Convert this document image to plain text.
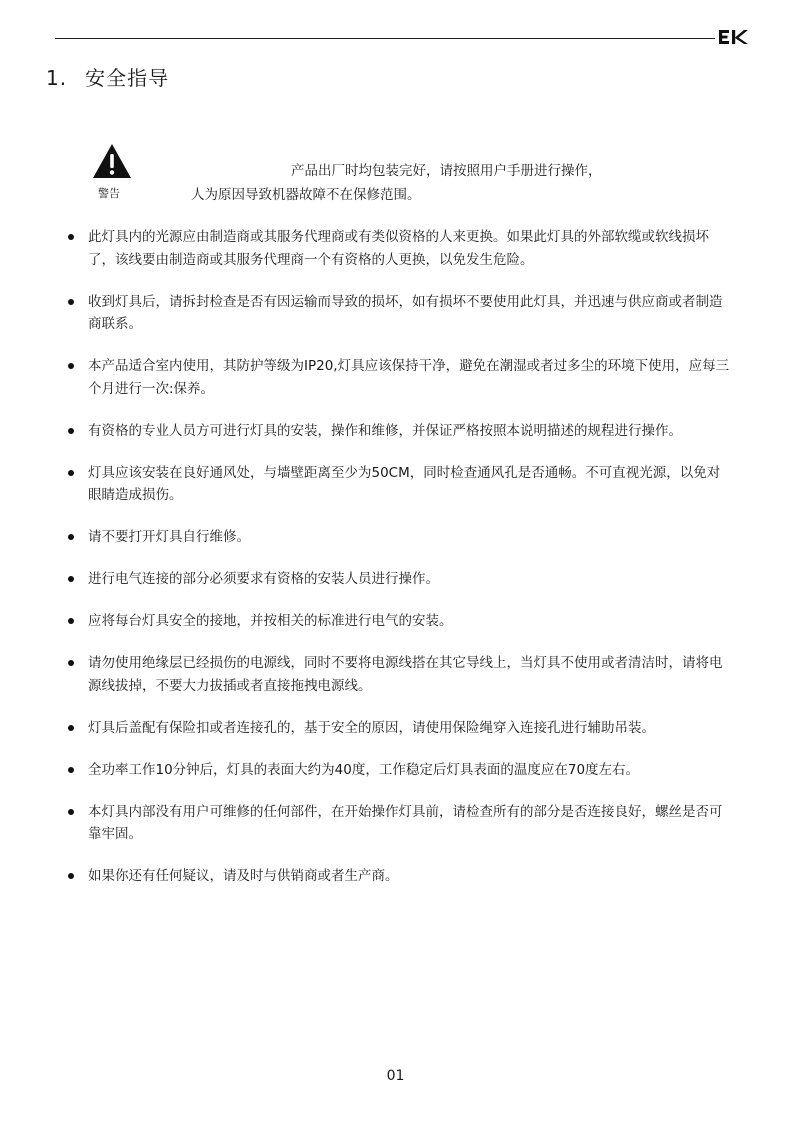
1. 安全指导
警告
产品出厂时均包装完好，请按照用户手册进行操作，
人为原因导致机器故障不在保修范围。
此灯具内的光源应由制造商或其服务代理商或有类似资格的人来更换。如果此灯具的外部软缆或软线损坏了，该线要由制造商或其服务代理商一个有资格的人更换，以免发生危险。
收到灯具后，请拆封检查是否有因运输而导致的损坏，如有损坏不要使用此灯具，并迅速与供应商或者制造商联系。
本产品适合室内使用，其防护等级为IP20,灯具应该保持干净，避免在潮湿或者过多尘的环境下使用，应每三个月进行一次:保养。
有资格的专业人员方可进行灯具的安装，操作和维修，并保证严格按照本说明描述的规程进行操作。
灯具应该安装在良好通风处，与墙壁距离至少为50CM，同时检查通风孔是否通畅。不可直视光源，以免对眼睛造成损伤。
请不要打开灯具自行维修。
进行电气连接的部分必须要求有资格的安装人员进行操作。
应将每台灯具安全的接地，并按相关的标准进行电气的安装。
请勿使用绝缘层已经损伤的电源线，同时不要将电源线搭在其它导线上，当灯具不使用或者清洁时，请将电源线拔掉，不要大力拔插或者直接拖拽电源线。
灯具后盖配有保险扣或者连接孔的，基于安全的原因，请使用保险绳穿入连接孔进行辅助吊装。
全功率工作10分钟后，灯具的表面大约为40度，工作稳定后灯具表面的温度应在70度左右。
本灯具内部没有用户可维修的任何部件，在开始操作灯具前，请检查所有的部分是否连接良好，螺丝是否可靠牢固。
如果你还有任何疑议，请及时与供销商或者生产商。
01
